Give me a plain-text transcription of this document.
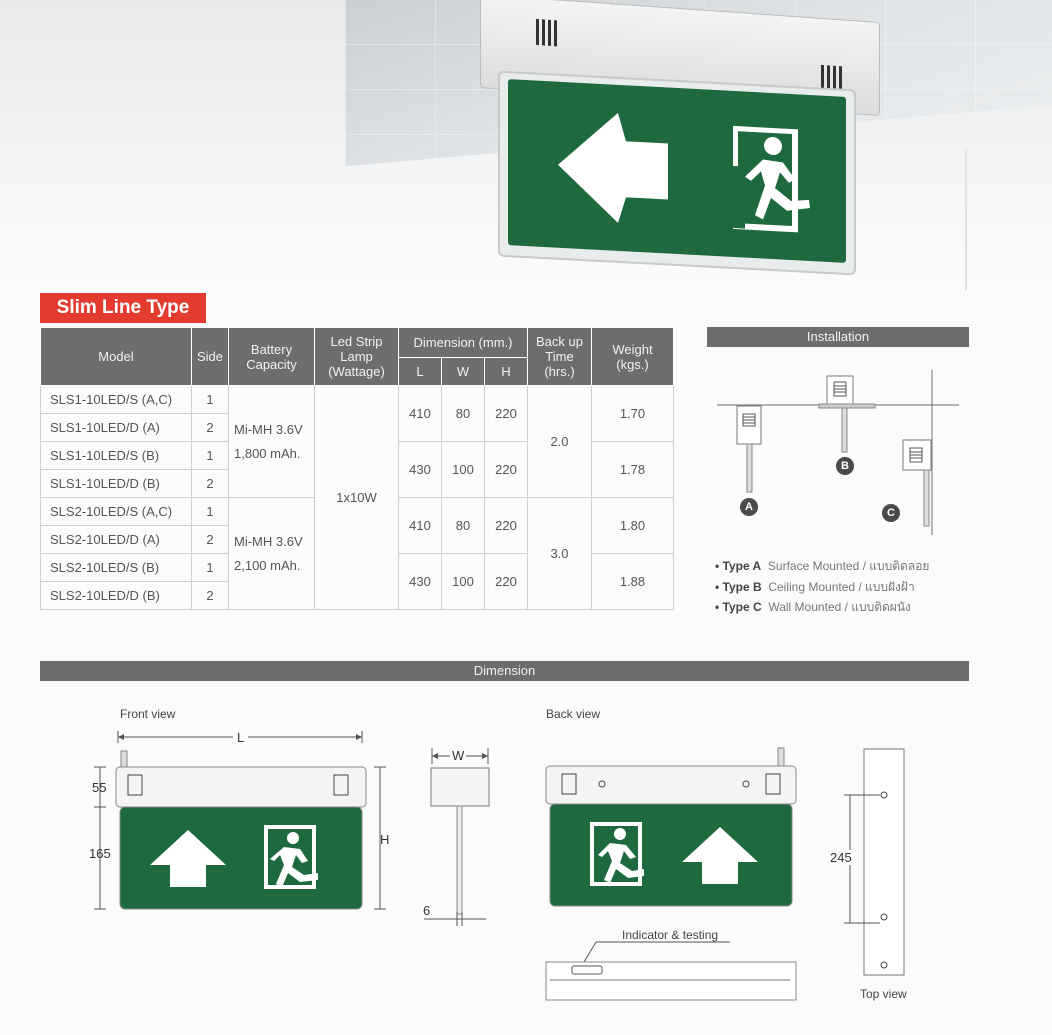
Slim Line Type
Model	Side	Battery Capacity	Led Strip Lamp (Wattage)	Dimension (mm.)			Back up Time (hrs.)	Weight (kgs.)
				L	W	H		
SLS1-10LED/S (A,C)	1	Mi-MH 3.6V 1,800 mAh.	1x10W	410	80	220	2.0	1.70
SLS1-10LED/D (A)	2							
SLS1-10LED/S (B)	1			430	100	220		1.78
SLS1-10LED/D (B)	2							
SLS2-10LED/S (A,C)	1	Mi-MH 3.6V 2,100 mAh.		410	80	220	3.0	1.80
SLS2-10LED/D (A)	2							
SLS2-10LED/S (B)	1			430	100	220		1.88
SLS2-10LED/D (B)	2							
Installation
A
B
C
• Type A Surface Mounted / แบบติดลอย
• Type B Ceiling Mounted / แบบฝังฝ้า
• Type C Wall Mounted / แบบติดผนัง
Dimension
Front view	Back view
Top view
Indicator & testing
L
55
165
H
W
6
245
